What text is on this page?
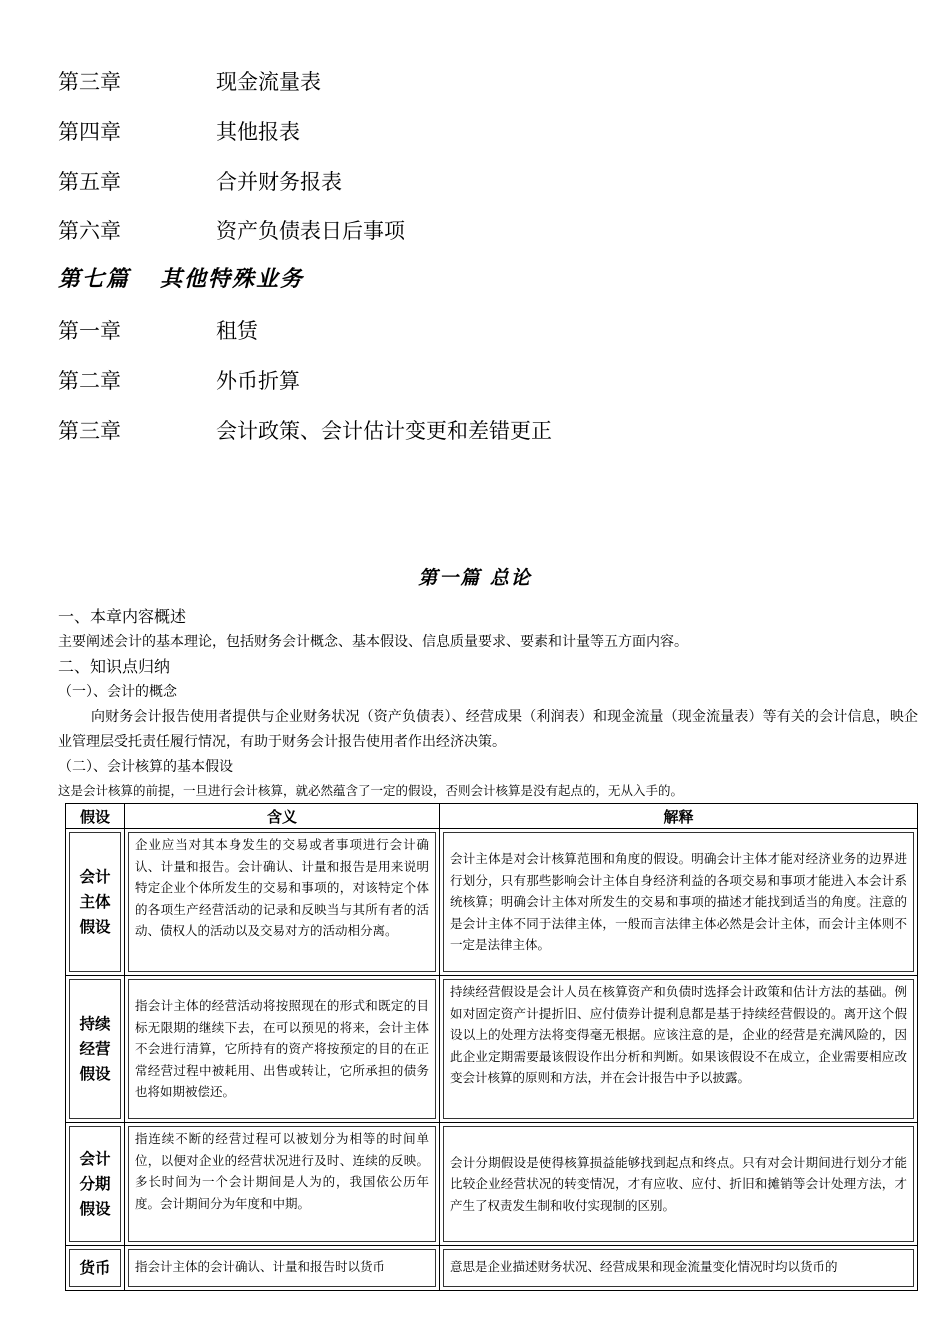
第三章	现金流量表
第四章	其他报表
第五章	合并财务报表
第六章	资产负债表日后事项
第七篇 其他特殊业务
第一章	租赁
第二章	外币折算
第三章	会计政策、会计估计变更和差错更正
第一篇 总论
一、本章内容概述
主要阐述会计的基本理论，包括财务会计概念、基本假设、信息质量要求、要素和计量等五方面内容。
二、知识点归纳
（一）、会计的概念
向财务会计报告使用者提供与企业财务状况（资产负债表）、经营成果（利润表）和现金流量（现金流量表）等有关的会计信息，映企业管理层受托责任履行情况，有助于财务会计报告使用者作出经济决策。
（二）、会计核算的基本假设
这是会计核算的前提，一旦进行会计核算，就必然蕴含了一定的假设，否则会计核算是没有起点的，无从入手的。
假设	含义	解释

会计
主体
假设	企业应当对其本身发生的交易或者事项进行会计确认、计量和报告。会计确认、计量和报告是用来说明特定企业个体所发生的交易和事项的，对该特定个体的各项生产经营活动的记录和反映当与其所有者的活动、债权人的活动以及交易对方的活动相分离。	会计主体是对会计核算范围和角度的假设。明确会计主体才能对经济业务的边界进行划分，只有那些影响会计主体自身经济利益的各项交易和事项才能进入本会计系统核算；明确会计主体对所发生的交易和事项的描述才能找到适当的角度。注意的是会计主体不同于法律主体，一般而言法律主体必然是会计主体，而会计主体则不一定是法律主体。

持续
经营
假设	指会计主体的经营活动将按照现在的形式和既定的目标无限期的继续下去，在可以预见的将来，会计主体不会进行清算，它所持有的资产将按预定的目的在正常经营过程中被耗用、出售或转让，它所承担的债务也将如期被偿还。	持续经营假设是会计人员在核算资产和负债时选择会计政策和估计方法的基础。例如对固定资产计提折旧、应付债券计提利息都是基于持续经营假设的。离开这个假设以上的处理方法将变得毫无根据。应该注意的是，企业的经营是充满风险的，因此企业定期需要最该假设作出分析和判断。如果该假设不在成立，企业需要相应改变会计核算的原则和方法，并在会计报告中予以披露。

会计
分期
假设	指连续不断的经营过程可以被划分为相等的时间单位，以便对企业的经营状况进行及时、连续的反映。多长时间为一个会计期间是人为的，我国依公历年度。会计期间分为年度和中期。	会计分期假设是使得核算损益能够找到起点和终点。只有对会计期间进行划分才能比较企业经营状况的转变情况，才有应收、应付、折旧和摊销等会计处理方法，才产生了权责发生制和收付实现制的区别。

货币	指会计主体的会计确认、计量和报告时以货币	意思是企业描述财务状况、经营成果和现金流量变化情况时均以货币的
